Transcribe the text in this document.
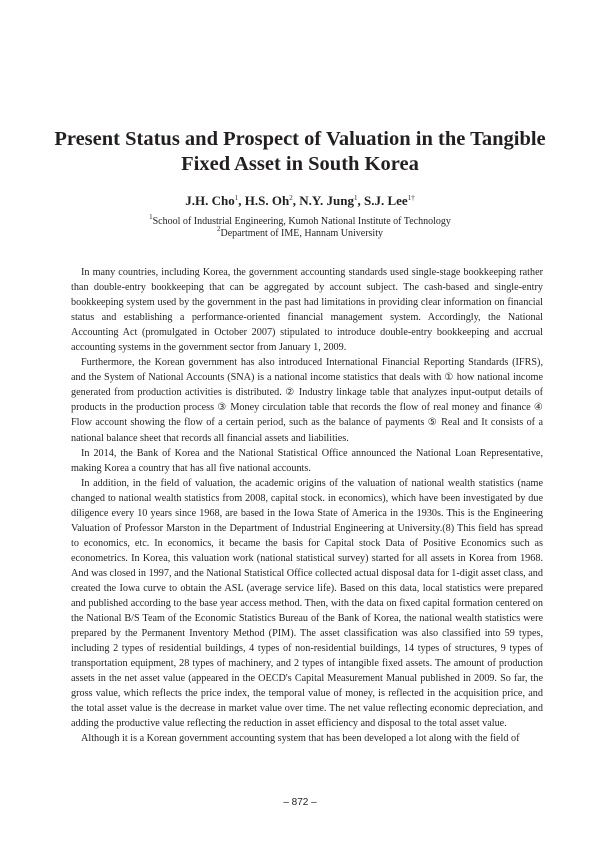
Present Status and Prospect of Valuation in the Tangible Fixed Asset in South Korea
J.H. Cho$^1$, H.S. Oh$^2$, N.Y. Jung$^1$, S.J. Lee$^{1\dagger}$
$^1$School of Industrial Engineering, Kumoh National Institute of Technology
$^2$Department of IME, Hannam University

In many countries, including Korea, the government accounting standards used single-stage bookkeeping rather than double-entry bookkeeping that can be aggregated by account subject. The cash-based and single-entry bookkeeping system used by the government in the past had limitations in providing clear information on financial status and establishing a performance-oriented financial management system. Accordingly, the National Accounting Act (promulgated in October 2007) stipulated to introduce double-entry bookkeeping and accrual accounting systems in the government sector from January 1, 2009.

Furthermore, the Korean government has also introduced International Financial Reporting Standards (IFRS), and the System of National Accounts (SNA) is a national income statistics that deals with ① how national income generated from production activities is distributed. ② Industry linkage table that analyzes input-output details of products in the production process ③ Money circulation table that records the flow of real money and finance ④ Flow account showing the flow of a certain period, such as the balance of payments ⑤ Real and It consists of a national balance sheet that records all financial assets and liabilities.

In 2014, the Bank of Korea and the National Statistical Office announced the National Loan Representative, making Korea a country that has all five national accounts.

In addition, in the field of valuation, the academic origins of the valuation of national wealth statistics (name changed to national wealth statistics from 2008, capital stock. in economics), which have been investigated by due diligence every 10 years since 1968, are based in the Iowa State of America in the 1930s. This is the Engineering Valuation of Professor Marston in the Department of Industrial Engineering at University.(8) This field has spread to economics, etc. In economics, it became the basis for Capital stock Data of Positive Economics such as econometrics. In Korea, this valuation work (national statistical survey) started for all assets in Korea from 1968. And was closed in 1997, and the National Statistical Office collected actual disposal data for 1-digit asset class, and created the Iowa curve to obtain the ASL (average service life). Based on this data, local statistics were prepared and published according to the base year access method. Then, with the data on fixed capital formation centered on the National B/S Team of the Economic Statistics Bureau of the Bank of Korea, the national wealth statistics were prepared by the Permanent Inventory Method (PIM). The asset classification was also classified into 59 types, including 2 types of residential buildings, 4 types of non-residential buildings, 14 types of structures, 9 types of transportation equipment, 28 types of machinery, and 2 types of intangible fixed assets. The amount of production assets in the net asset value (appeared in the OECD's Capital Measurement Manual published in 2009. So far, the gross value, which reflects the price index, the temporal value of money, is reflected in the acquisition price, and the total asset value is the decrease in market value over time. The net value reflecting economic depreciation, and adding the productive value reflecting the reduction in asset efficiency and disposal to the total asset value.

Although it is a Korean government accounting system that has been developed a lot along with the field of

– 872 –
